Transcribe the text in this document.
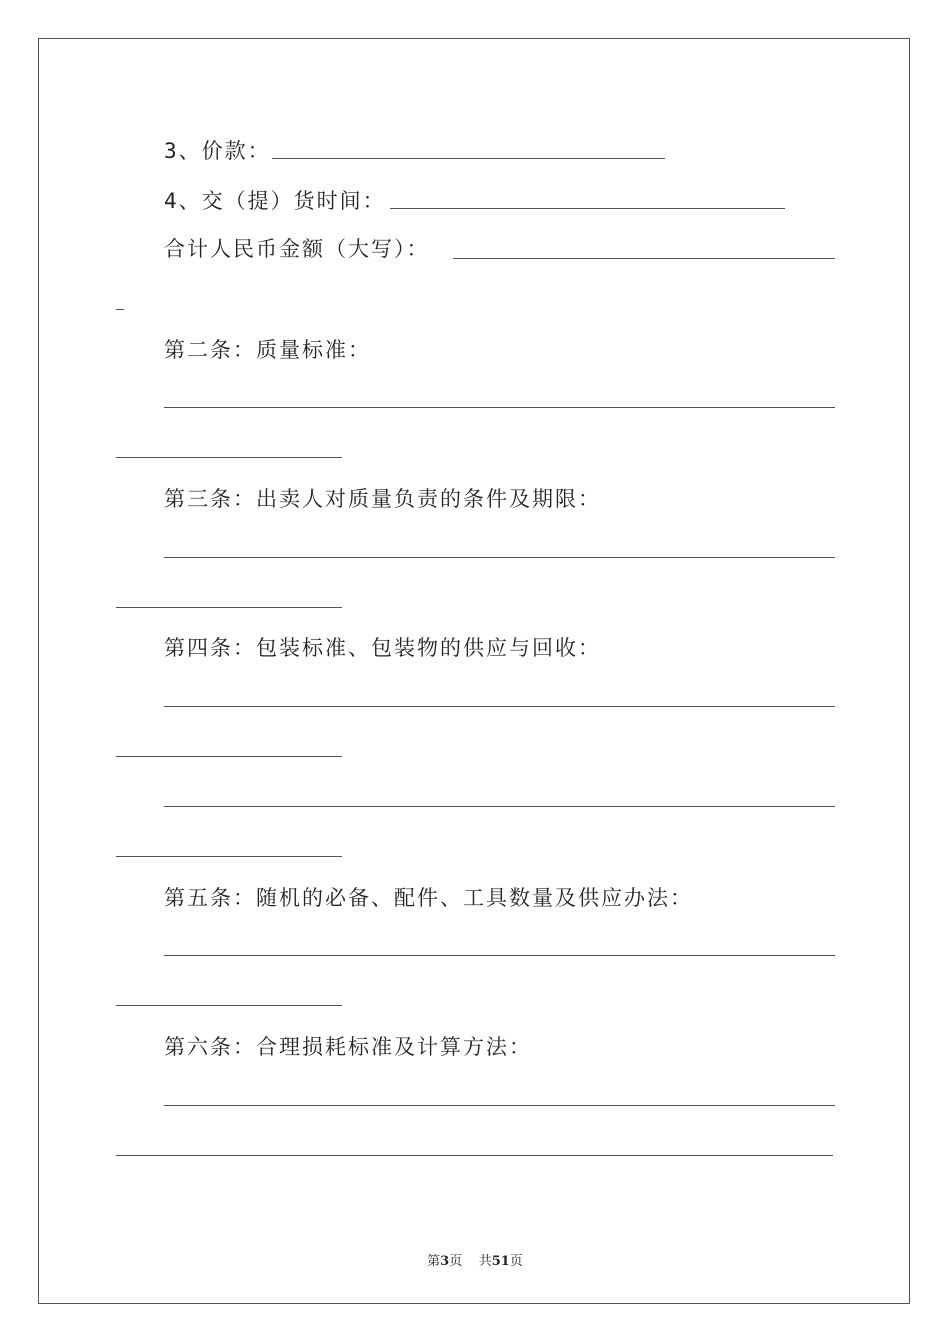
3、价款：
4、交（提）货时间：
合计人民币金额（大写）：
第二条：质量标准：
第三条：出卖人对质量负责的条件及期限：
第四条：包装标准、包装物的供应与回收：
第五条：随机的必备、配件、工具数量及供应办法：
第六条：合理损耗标准及计算方法：
第3页 共51页
